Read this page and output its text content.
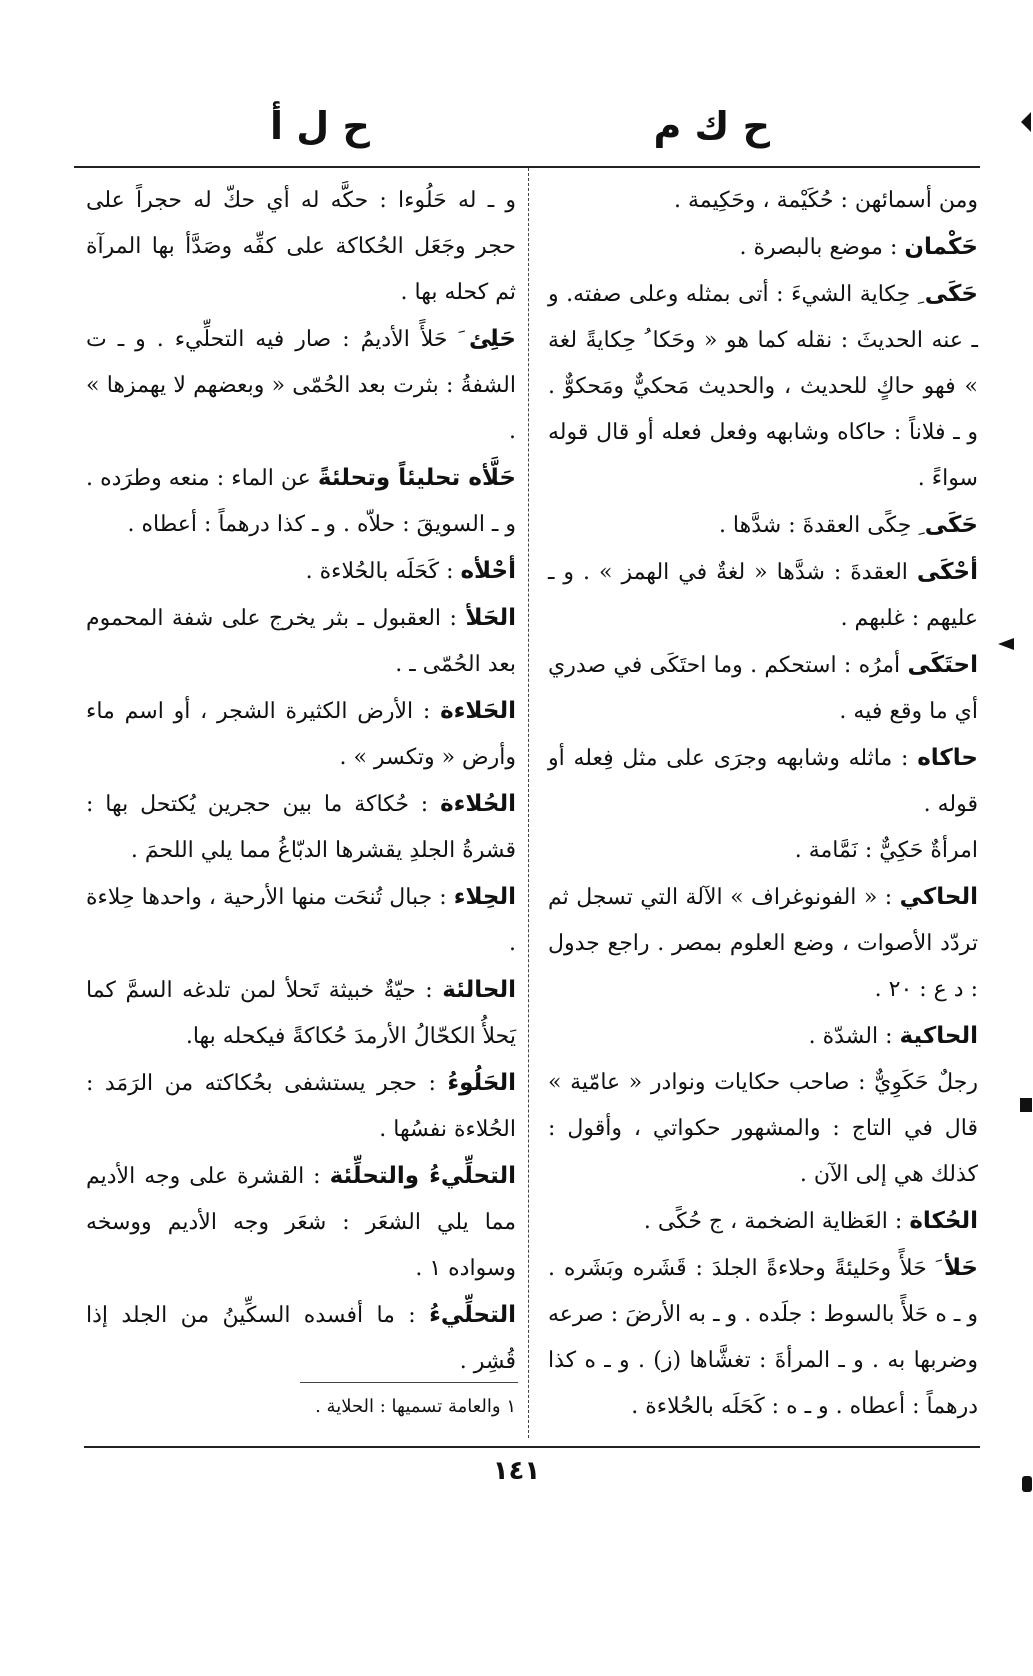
ح ك م
ح ل أ
ومن أسمائهن : حُكَيْمة ، وحَكِيمة .
حَكْمان : موضع بالبصرة .
حَكَى ِ حِكاية الشيءَ : أتى بمثله وعلى صفته. و ـ عنه الحديثَ : نقله كما هو « وحَكا ُ حِكايةً لغة » فهو حاكٍ للحديث ، والحديث مَحكيٌّ ومَحكوٌّ . و ـ فلاناً : حاكاه وشابهه وفعل فعله أو قال قوله سواءً .
حَكَى ِ حِكًى العقدةَ : شدَّها .
أحْكَى العقدةَ : شدَّها « لغةٌ في الهمز » . و ـ عليهم : غلبهم .
احتَكَى أمرُه : استحكم . وما احتَكَى في صدري أي ما وقع فيه .
حاكاه : ماثله وشابهه وجرَى على مثل فِعله أو قوله .
امرأةٌ حَكِيٌّ : نَمَّامة .
الحاكي : « الفونوغراف » الآلة التي تسجل ثم تردّد الأصوات ، وضع العلوم بمصر . راجع جدول : د ع : ٢٠ .
الحاكية : الشدّة .
رجلٌ حَكَوِيٌّ : صاحب حكايات ونوادر « عامّية » قال في التاج : والمشهور حكواتي ، وأقول : كذلك هي إلى الآن .
الحُكاة : العَظاية الضخمة ، ج حُكًى .
حَلأ َ حَلأً وحَليئةً وحلاءةً الجلدَ : قَشَره وبَشَره . و ـ ه حَلأً بالسوط : جلَده . و ـ به الأرضَ : صرعه وضربها به . و ـ المرأةَ : تغشَّاها (ز) . و ـ ه كذا درهماً : أعطاه . و ـ ه : كَحَلَه بالحُلاءة .
و ـ له حَلُوءا : حكَّه له أي حكّ له حجراً على حجر وجَعَل الحُكاكة على كفِّه وصَدَّأ بها المرآة ثم كحله بها .
حَلِئ َ حَلأً الأديمُ : صار فيه التحلِّيء . و ـ ت الشفةُ : بثرت بعد الحُمّى « وبعضهم لا يهمزها » .
حَلَّأه تحليئاً وتحلئةً عن الماء : منعه وطرَده . و ـ السويقَ : حلاّه . و ـ كذا درهماً : أعطاه .
أحْلأه : كَحَلَه بالحُلاءة .
الحَلأ : العقبول ـ بثر يخرج على شفة المحموم بعد الحُمّى ـ .
الحَلاءة : الأرض الكثيرة الشجر ، أو اسم ماء وأرض « وتكسر » .
الحُلاءة : حُكاكة ما بين حجرين يُكتحل بها : قشرةُ الجلدِ يقشرها الدبّاغُ مما يلي اللحمَ .
الحِلاء : جبال تُنحَت منها الأرحية ، واحدها حِلاءة .
الحالئة : حيّةٌ خبيثة تَحلأ لمن تلدغه السمَّ كما يَحلأُ الكحّالُ الأرمدَ حُكاكةً فيكحله بها.
الحَلُوءُ : حجر يستشفى بحُكاكته من الرَمَد : الحُلاءة نفسُها .
التحلِّيءُ والتحلِّئة : القشرة على وجه الأديم مما يلي الشعَر : شعَر وجه الأديم ووسخه وسواده ١ .
التحلِّيءُ : ما أفسده السكِّينُ من الجلد إذا قُشِر .
١ والعامة تسميها : الحلاية .
١٤١
